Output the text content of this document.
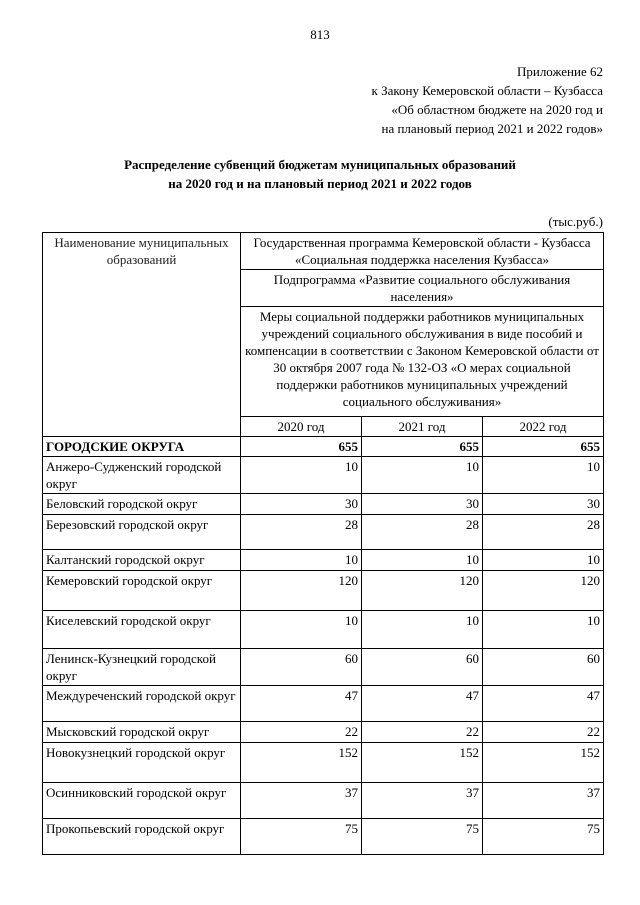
813
Приложение 62
к Закону Кемеровской области – Кузбасса
«Об областном бюджете на 2020 год и
на плановый период 2021 и 2022 годов»
Распределение субвенций бюджетам муниципальных образований
на 2020 год и на плановый период 2021 и 2022 годов
(тыс.руб.)
Наименование муниципальных образований	Государственная программа Кемеровской области - Кузбасса «Социальная поддержка населения Кузбасса»		
	Подпрограмма «Развитие социального обслуживания населения»		
	Меры социальной поддержки работников муниципальных учреждений социального обслуживания в виде пособий и компенсации в соответствии с Законом Кемеровской области от 30 октября 2007 года № 132-ОЗ «О мерах социальной поддержки работников муниципальных учреждений социального обслуживания»		
	2020 год	2021 год	2022 год
ГОРОДСКИЕ ОКРУГА	655	655	655
Анжеро-Судженский городской округ	10	10	10
Беловский городской округ	30	30	30
Березовский городской округ	28	28	28
Калтанский городской округ	10	10	10
Кемеровский городской округ	120	120	120
Киселевский городской округ	10	10	10
Ленинск-Кузнецкий городской округ	60	60	60
Междуреченский городской округ	47	47	47
Мысковский городской округ	22	22	22
Новокузнецкий городской округ	152	152	152
Осинниковский городской округ	37	37	37
Прокопьевский городской округ	75	75	75
